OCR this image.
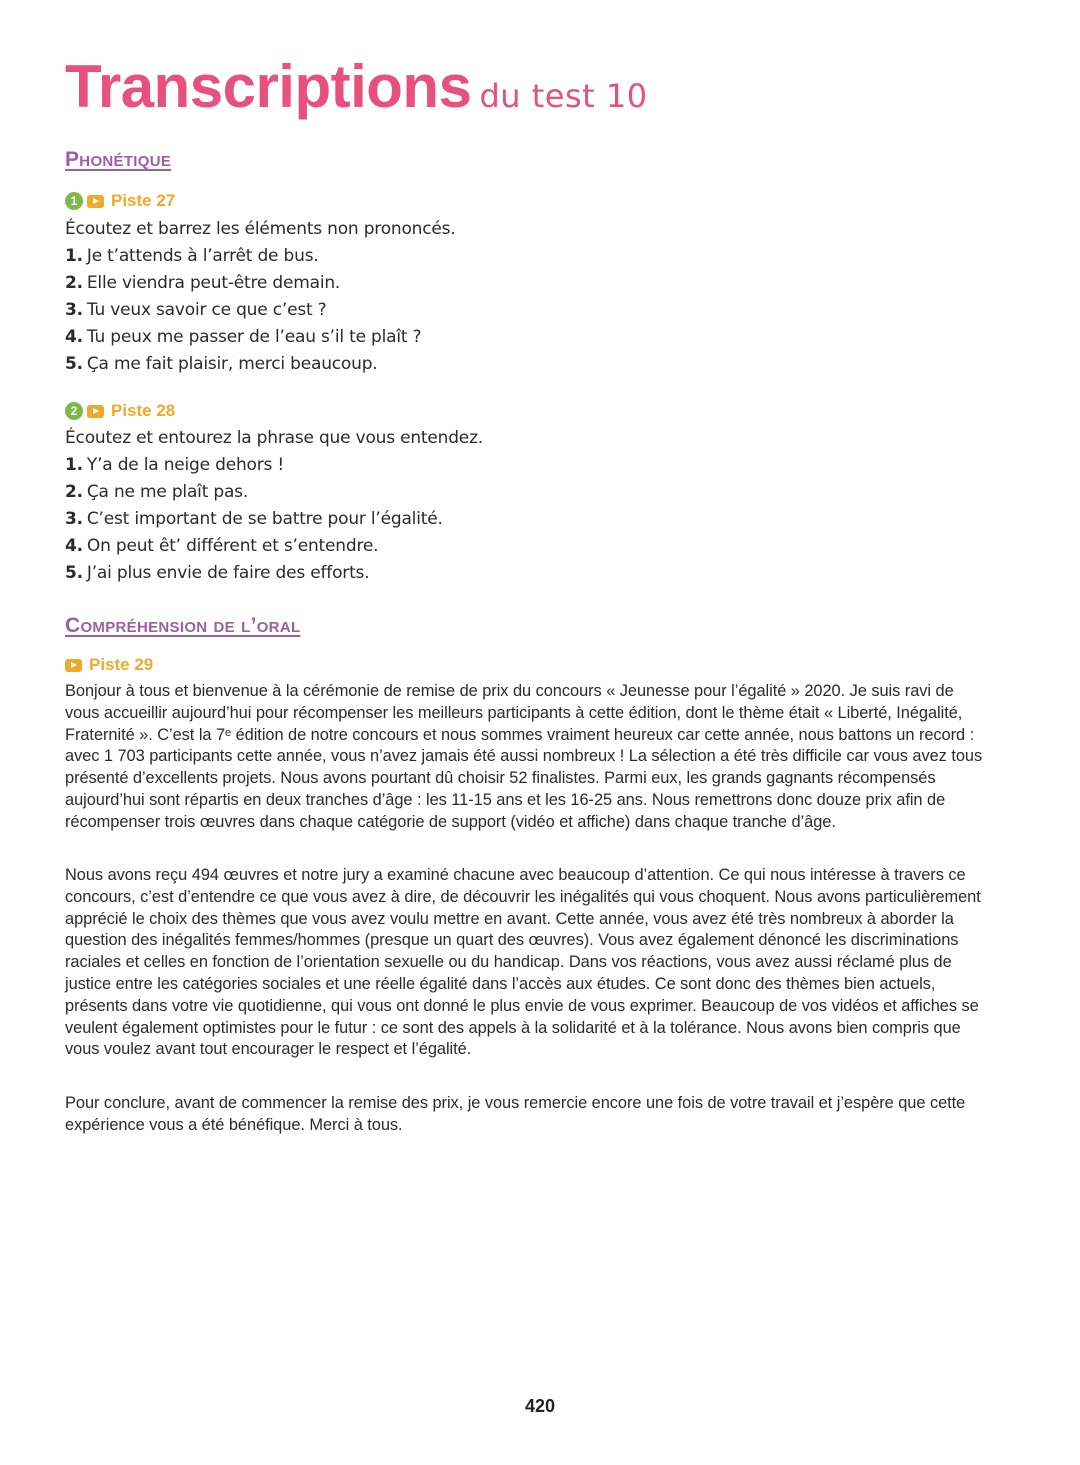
Transcriptions du test 10
Phonétique
1	Piste 27
Écoutez et barrez les éléments non prononcés.
1. Je t’attends à l’arrêt de bus.
2. Elle viendra peut-être demain.
3. Tu veux savoir ce que c’est ?
4. Tu peux me passer de l’eau s’il te plaît ?
5. Ça me fait plaisir, merci beaucoup.
2	Piste 28
Écoutez et entourez la phrase que vous entendez.
1. Y’a de la neige dehors !
2. Ça ne me plaît pas.
3. C’est important de se battre pour l’égalité.
4. On peut êt’ différent et s’entendre.
5. J’ai plus envie de faire des efforts.
Compréhension de l’oral
Piste 29

Bonjour à tous et bienvenue à la cérémonie de remise de prix du concours « Jeunesse pour l’égalité » 2020. Je suis ravi de vous accueillir aujourd’hui pour récompenser les meilleurs participants à cette édition, dont le thème était « Liberté, Inégalité, Fraternité ». C’est la 7ᵉ édition de notre concours et nous sommes vraiment heureux car cette année, nous battons un record : avec 1 703 participants cette année, vous n’avez jamais été aussi nombreux ! La sélection a été très difficile car vous avez tous présenté d’excellents projets. Nous avons pourtant dû choisir 52 finalistes. Parmi eux, les grands gagnants récompensés aujourd’hui sont répartis en deux tranches d’âge : les 11-15 ans et les 16-25 ans. Nous remettrons donc douze prix afin de récompenser trois œuvres dans chaque catégorie de support (vidéo et affiche) dans chaque tranche d’âge.

Nous avons reçu 494 œuvres et notre jury a examiné chacune avec beaucoup d’attention. Ce qui nous intéresse à travers ce concours, c’est d’entendre ce que vous avez à dire, de découvrir les inégalités qui vous choquent. Nous avons particulièrement apprécié le choix des thèmes que vous avez voulu mettre en avant. Cette année, vous avez été très nombreux à aborder la question des inégalités femmes/hommes (presque un quart des œuvres). Vous avez également dénoncé les discriminations raciales et celles en fonction de l’orientation sexuelle ou du handicap. Dans vos réactions, vous avez aussi réclamé plus de justice entre les catégories sociales et une réelle égalité dans l’accès aux études. Ce sont donc des thèmes bien actuels, présents dans votre vie quotidienne, qui vous ont donné le plus envie de vous exprimer. Beaucoup de vos vidéos et affiches se veulent également optimistes pour le futur : ce sont des appels à la solidarité et à la tolérance. Nous avons bien compris que vous voulez avant tout encourager le respect et l’égalité.

Pour conclure, avant de commencer la remise des prix, je vous remercie encore une fois de votre travail et j’espère que cette expérience vous a été bénéfique. Merci à tous.

420
